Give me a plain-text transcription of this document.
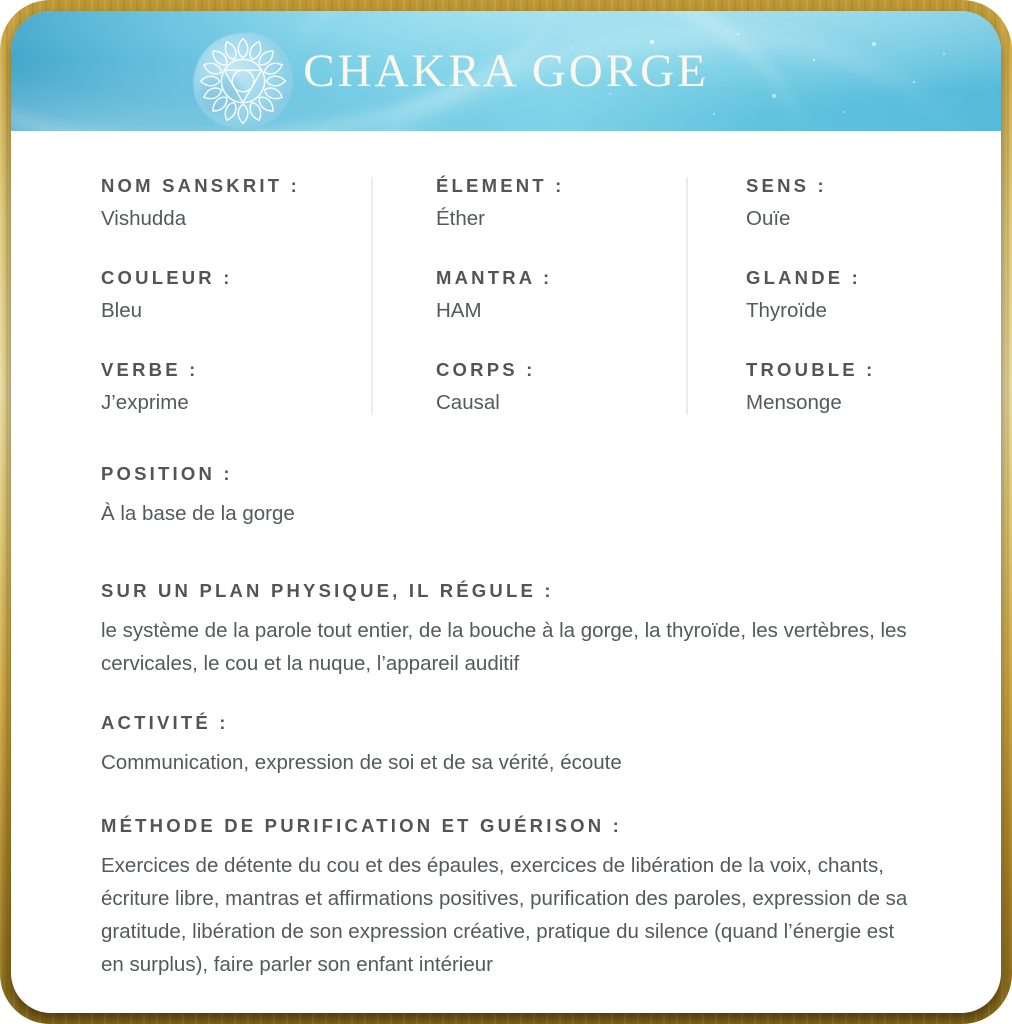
CHAKRA GORGE
NOM SANSKRIT :
Vishudda
ÉLEMENT :
Éther
SENS :
Ouïe
COULEUR :
Bleu
MANTRA :
HAM
GLANDE :
Thyroïde
VERBE :
J’exprime
CORPS :
Causal
TROUBLE :
Mensonge
POSITION :

À la base de la gorge

SUR UN PLAN PHYSIQUE, IL RÉGULE :

le système de la parole tout entier, de la bouche à la gorge, la thyroïde, les vertèbres, les cervicales, le cou et la nuque, l’appareil auditif

ACTIVITÉ :

Communication, expression de soi et de sa vérité, écoute

MÉTHODE DE PURIFICATION ET GUÉRISON :

Exercices de détente du cou et des épaules, exercices de libération de la voix, chants, écriture libre, mantras et affirmations positives, purification des paroles, expression de sa gratitude, libération de son expression créative, pratique du silence (quand l’énergie est en surplus), faire parler son enfant intérieur
